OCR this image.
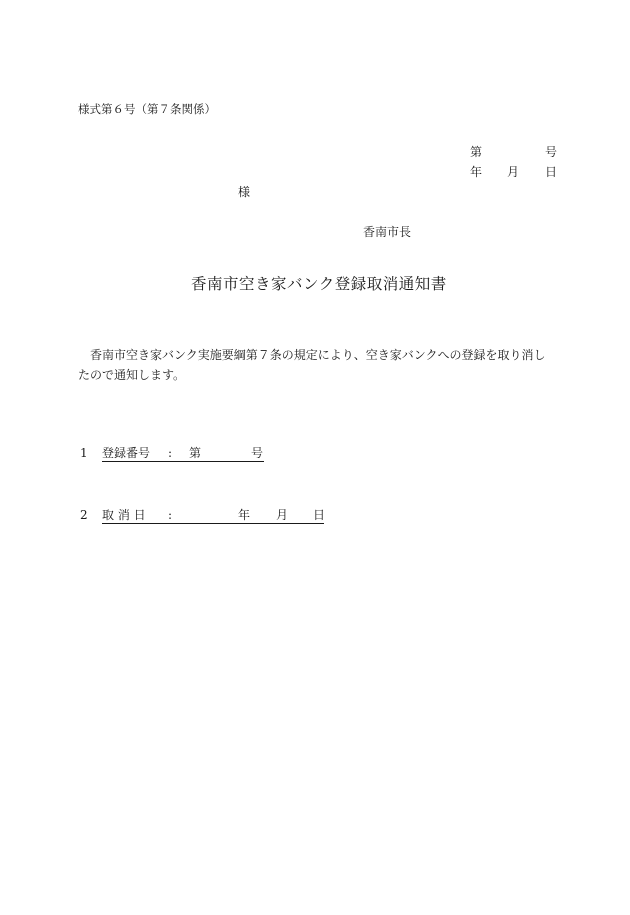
様式第６号（第７条関係）
第	号
年 月 日
様
香南市長
香南市空き家バンク登録取消通知書
香南市空き家バンク実施要綱第７条の規定により、空き家バンクへの登録を取り消し
たので通知します。
1 登録番号 : 第	号
2 取 消 日 :	年 月 日
